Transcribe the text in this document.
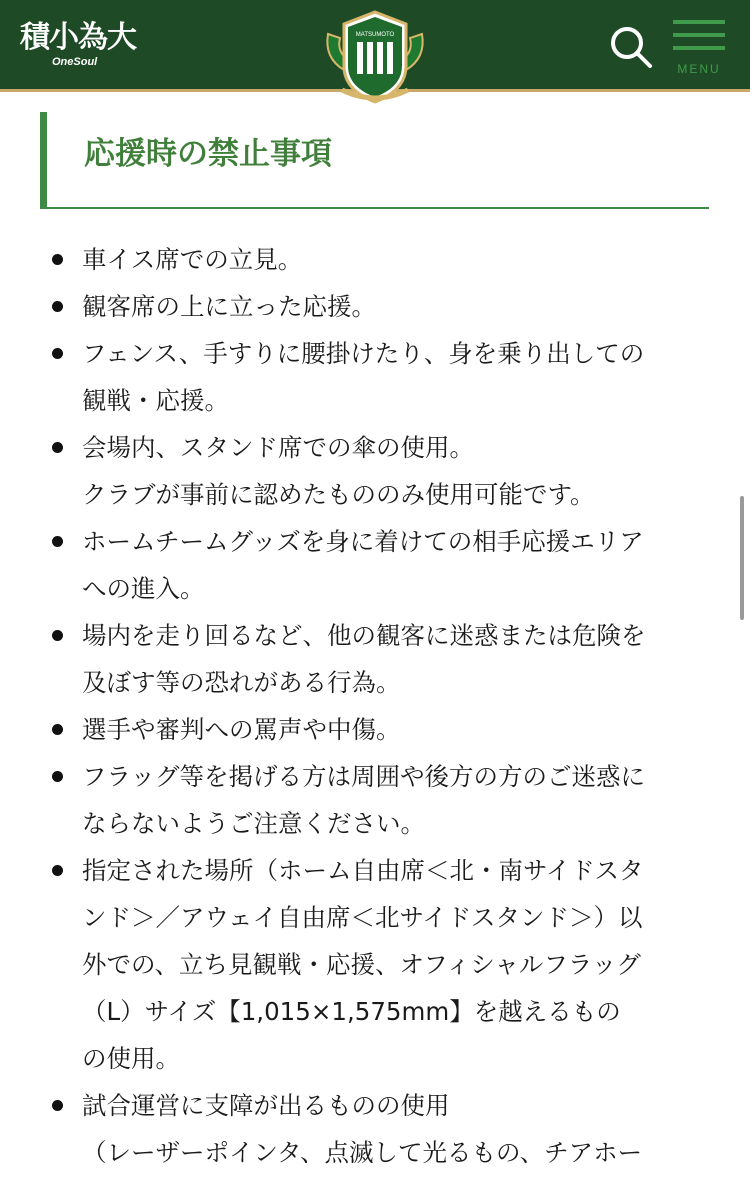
積小為大
OneSoul
MATSUMOTO
MENU
応援時の禁止事項
車イス席での立見。
観客席の上に立った応援。
フェンス、手すりに腰掛けたり、身を乗り出しての
観戦・応援。
会場内、スタンド席での傘の使用。
クラブが事前に認めたもののみ使用可能です。
ホームチームグッズを身に着けての相手応援エリア
への進入。
場内を走り回るなど、他の観客に迷惑または危険を
及ぼす等の恐れがある行為。
選手や審判への罵声や中傷。
フラッグ等を掲げる方は周囲や後方の方のご迷惑に
ならないようご注意ください。
指定された場所（ホーム自由席＜北・南サイドスタ
ンド＞／アウェイ自由席＜北サイドスタンド＞）以
外での、立ち見観戦・応援、オフィシャルフラッグ
（L）サイズ【1,015×1,575mm】を越えるもの
の使用。
試合運営に支障が出るものの使用
（レーザーポインタ、点滅して光るもの、チアホー
